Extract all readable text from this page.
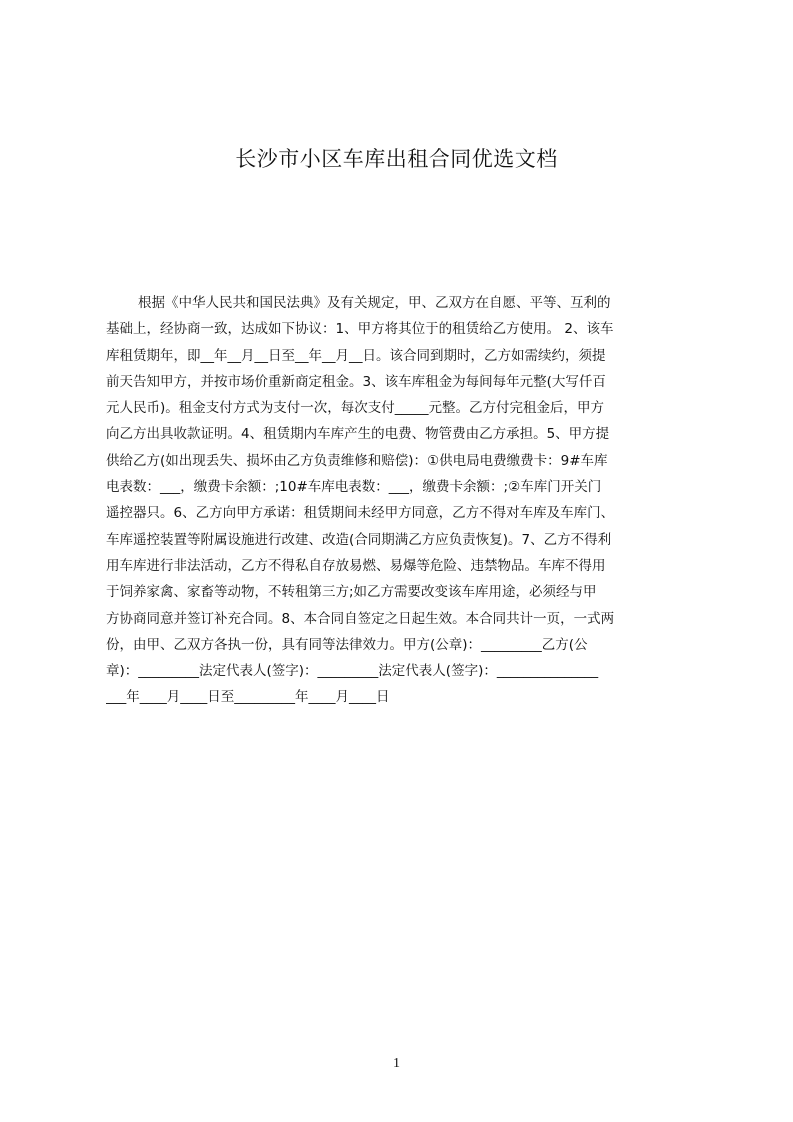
长沙市小区车库出租合同优选文档
根据《中华人民共和国民法典》及有关规定，甲、乙双方在自愿、平等、互利的
基础上，经协商一致，达成如下协议：1、甲方将其位于的租赁给乙方使用。 2、该车
库租赁期年，即__年__月__日至__年__月__日。该合同到期时，乙方如需续约，须提
前天告知甲方，并按市场价重新商定租金。3、该车库租金为每间每年元整(大写仟百
元人民币)。租金支付方式为支付一次，每次支付_____元整。乙方付完租金后，甲方
向乙方出具收款证明。4、租赁期内车库产生的电费、物管费由乙方承担。5、甲方提
供给乙方(如出现丢失、损坏由乙方负责维修和赔偿)：①供电局电费缴费卡：9#车库
电表数：___，缴费卡余额：;10#车库电表数：___，缴费卡余额：;②车库门开关门
遥控器只。6、乙方向甲方承诺：租赁期间未经甲方同意，乙方不得对车库及车库门、
车库遥控装置等附属设施进行改建、改造(合同期满乙方应负责恢复)。7、乙方不得利
用车库进行非法活动，乙方不得私自存放易燃、易爆等危险、违禁物品。车库不得用
于饲养家禽、家畜等动物，不转租第三方;如乙方需要改变该车库用途，必须经与甲
方协商同意并签订补充合同。8、本合同自签定之日起生效。本合同共计一页，一式两
份，由甲、乙双方各执一份，具有同等法律效力。甲方(公章)：_________乙方(公
章)：_________法定代表人(签字)：_________法定代表人(签字)：_______________
___年____月____日至_________年____月____日
1
